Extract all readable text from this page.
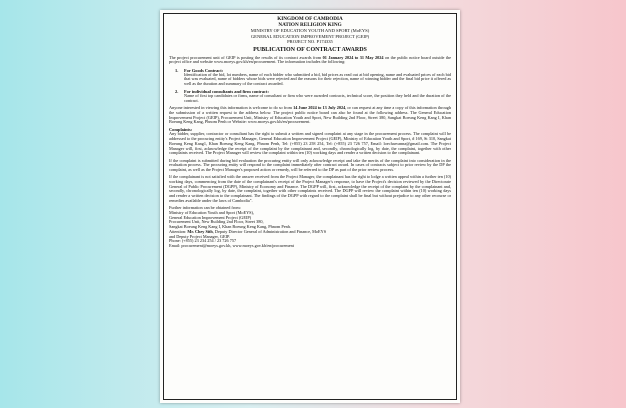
KINGDOM OF CAMBODIA
NATION RELIGION KING
MINISTRY OF EDUCATION YOUTH AND SPORT (MoEYS)
GENERAL EDUCATION IMPROVEMENT PROJECT (GEIP)
PROJECT NO. P174335
PUBLICATION OF CONTRACT AWARDS

The project procurement unit of GEIP is posting the results of its contract awards from 01 January 2024 to 31 May 2024 on the public notice board outside the project office and website www.moeys.gov.kh/en/procurement. The information includes the following:

1. For Goods Contract:
Identification of the bid, lot numbers, name of each bidder who submitted a bid, bid prices as read out at bid opening, name and evaluated prices of each bid that was evaluated, name of bidders whose bids were rejected and the reasons for their rejection, name of winning bidder and the final bid price it offered as well as the duration and summary of the contract awarded.
2. For individual consultants and firm contract:
Name of first top candidates or firms, name of consultant or firm who were awarded contracts, technical score, the position they held and the duration of the contract.

Anyone interested in viewing this information is welcome to do so from 14 June 2024 to 13 July 2024, or can request at any time a copy of this information through the submission of a written request to the address below. The project public notice board can also be found at the following address. The General Education Improvement Project (GEIP), Procurement Unit, Ministry of Education Youth and Sport, New Building 2nd Floor, Street 380, Sangkat Boeung Keng Kang I, Khan Boeung Keng Kang, Phnom Penh or Website: www.moeys.gov.kh/en/procurement.

Complaints:

Any bidder, supplier, contractor or consultant has the right to submit a written and signed complaint at any stage in the procurement process. The complaint will be addressed to the procuring entity's Project Manager, General Education Improvement Project (GEIP), Ministry of Education Youth and Sport, # 169, St 310, Sangkat Boeung Keng Kang1, Khan Boeung Keng Kang, Phnom Penh, Tel: (+855) 23 258 254, Tel: (+855) 23 726 757, Email: loecharvanna@gmail.com. The Project Manager will, first, acknowledge the receipt of the complaint by the complainant and, secondly, chronologically log, by date, the complaint, together with other complaints received. The Project Manager will review the complaint within ten (10) working days and render a written decision to the complainant.

If the complaint is submitted during bid evaluation the procuring entity will only acknowledge receipt and take the merits of the complaint into consideration in the evaluation process. The procuring entity will respond to the complaint immediately after contract award. In cases of contracts subject to prior review by the DP the complaint, as well as the Project Manager's proposed action or remedy, will be referred to the DP as part of the prior review process.

If the complainant is not satisfied with the answer received from the Project Manager, the complainant has the right to lodge a written appeal within a further ten (10) working days, commencing from the date of the complainant's receipt of the Project Manager's response, to have the Project's decision reviewed by the Directorate General of Public Procurement (DGPP), Ministry of Economy and Finance. The DGPP will, first, acknowledge the receipt of the complaint by the complainant and, secondly, chronologically log, by date, the complaint, together with other complaints received. The DGPP will review the complaint within ten (10) working days and render a written decision to the complainant. The findings of the DGPP with regard to the complaint shall be final but without prejudice to any other recourse or remedies available under the laws of Cambodia".

Further information can be obtained from:
Ministry of Education Youth and Sport (MoEYS),
General Education Improvement Project (GEIP)
Procurement Unit, New Building 2nd Floor, Street 380,
Sangkat Boeung Keng Kang I, Khan Boeung Keng Kang, Phnom Penh.
Attention: Mr. Chey Sith, Deputy Director General of Administration and Finance, MoEYS
and Deputy Project Manager, GEIP.
Phone: (+855) 23 234 254 / 23 726 757
Email: procurement@moeys.gov.kh, www.moeys.gov.kh/en/procurement
